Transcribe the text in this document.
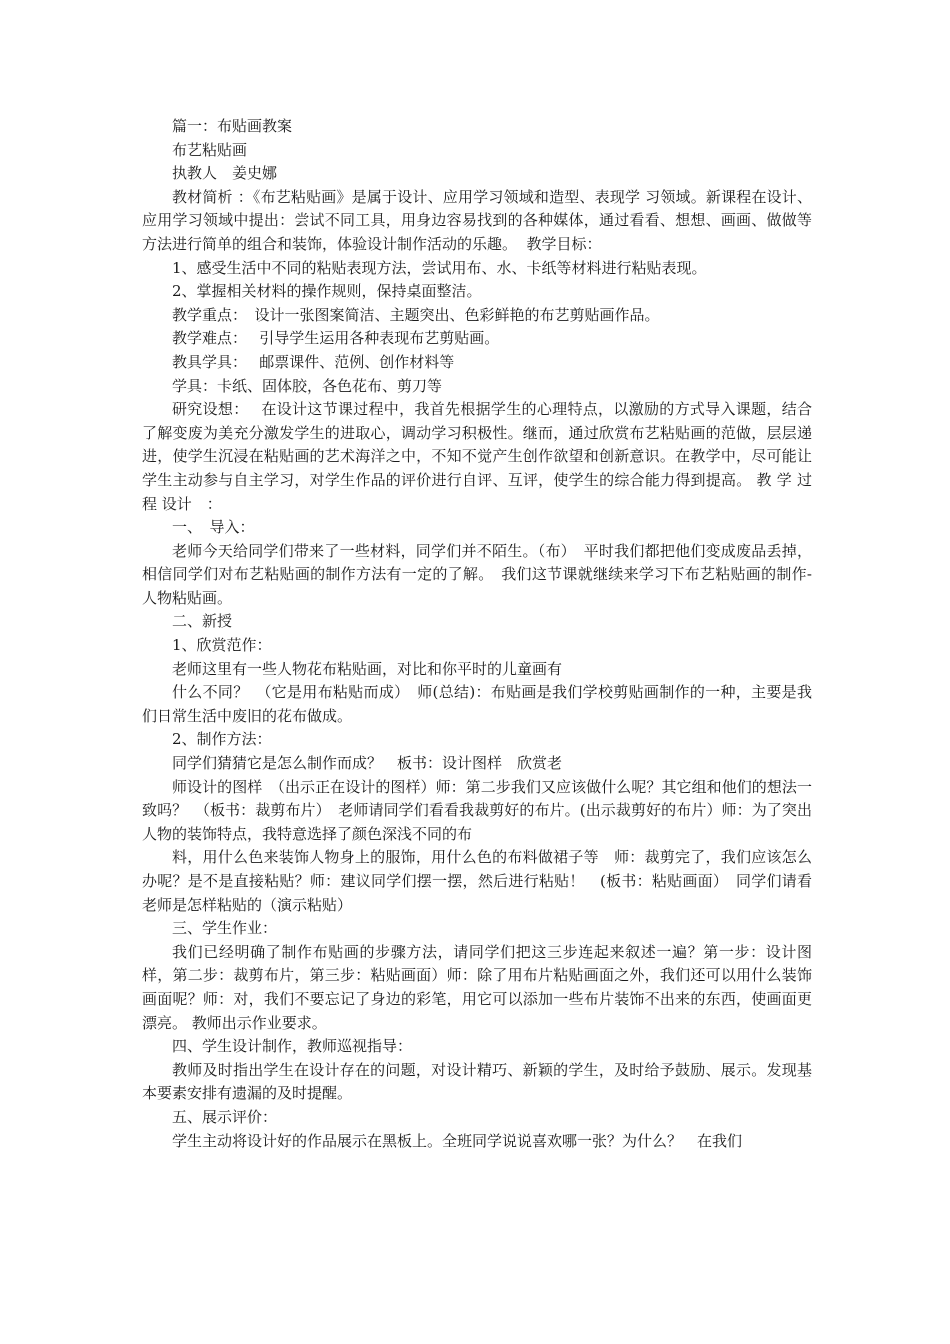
篇一：布贴画教案

布艺粘贴画

执教人　姜史娜

教材简析 ：《布艺粘贴画》是属于设计、应用学习领域和造型、表现学 习领域。新课程在设计、应用学习领域中提出：尝试不同工具，用身边容易找到的各种媒体，通过看看、想想、画画、做做等方法进行简单的组合和装饰，体验设计制作活动的乐趣。  教学目标：

1、感受生活中不同的粘贴表现方法，尝试用布、水、卡纸等材料进行粘贴表现。

2、掌握相关材料的操作规则，保持桌面整洁。

教学重点：　设计一张图案简洁、主题突出、色彩鲜艳的布艺剪贴画作品。

教学难点：　 引导学生运用各种表现布艺剪贴画。

教具学具：　 邮票课件、范例、创作材料等

学具：卡纸、固体胶，各色花布、剪刀等

研究设想：　 在设计这节课过程中，我首先根据学生的心理特点，以激励的方式导入课题，结合了解变废为美充分激发学生的进取心，调动学习积极性。继而，通过欣赏布艺粘贴画的范做，层层递进，使学生沉浸在粘贴画的艺术海洋之中，不知不觉产生创作欲望和创新意识。在教学中，尽可能让学生主动参与自主学习，对学生作品的评价进行自评、互评，使学生的综合能力得到提高。 教 学 过程 设计　：

一、　导入：

老师今天给同学们带来了一些材料，同学们并不陌生。（布）　平时我们都把他们变成废品丢掉，相信同学们对布艺粘贴画的制作方法有一定的了解。　我们这节课就继续来学习下布艺粘贴画的制作-人物粘贴画。

二、新授

1、欣赏范作：

老师这里有一些人物花布粘贴画，对比和你平时的儿童画有

什么不同？　（它是用布粘贴而成）　师(总结)：布贴画是我们学校剪贴画制作的一种，主要是我们日常生活中废旧的花布做成。

2、制作方法：

同学们猜猜它是怎么制作而成？　板书：设计图样　欣赏老

师设计的图样　（出示正在设计的图样）师：第二步我们又应该做什么呢？其它组和他们的想法一致吗？　（板书：裁剪布片）　老师请同学们看看我裁剪好的布片。(出示裁剪好的布片）师：为了突出人物的装饰特点，我特意选择了颜色深浅不同的布

料，用什么色来装饰人物身上的服饰，用什么色的布料做裙子等　师：裁剪完了，我们应该怎么办呢？是不是直接粘贴？师：建议同学们摆一摆，然后进行粘贴！　(板书：粘贴画面）　同学们请看老师是怎样粘贴的（演示粘贴）

三、学生作业：

我们已经明确了制作布贴画的步骤方法，请同学们把这三步连起来叙述一遍？第一步：设计图样，第二步：裁剪布片，第三步：粘贴画面）师：除了用布片粘贴画面之外，我们还可以用什么装饰画面呢？师：对，我们不要忘记了身边的彩笔，用它可以添加一些布片装饰不出来的东西，使画面更漂亮。 教师出示作业要求。

四、学生设计制作，教师巡视指导：

教师及时指出学生在设计存在的问题，对设计精巧、新颖的学生，及时给予鼓励、展示。发现基本要素安排有遗漏的及时提醒。

五、展示评价：

学生主动将设计好的作品展示在黑板上。全班同学说说喜欢哪一张？为什么？　在我们
